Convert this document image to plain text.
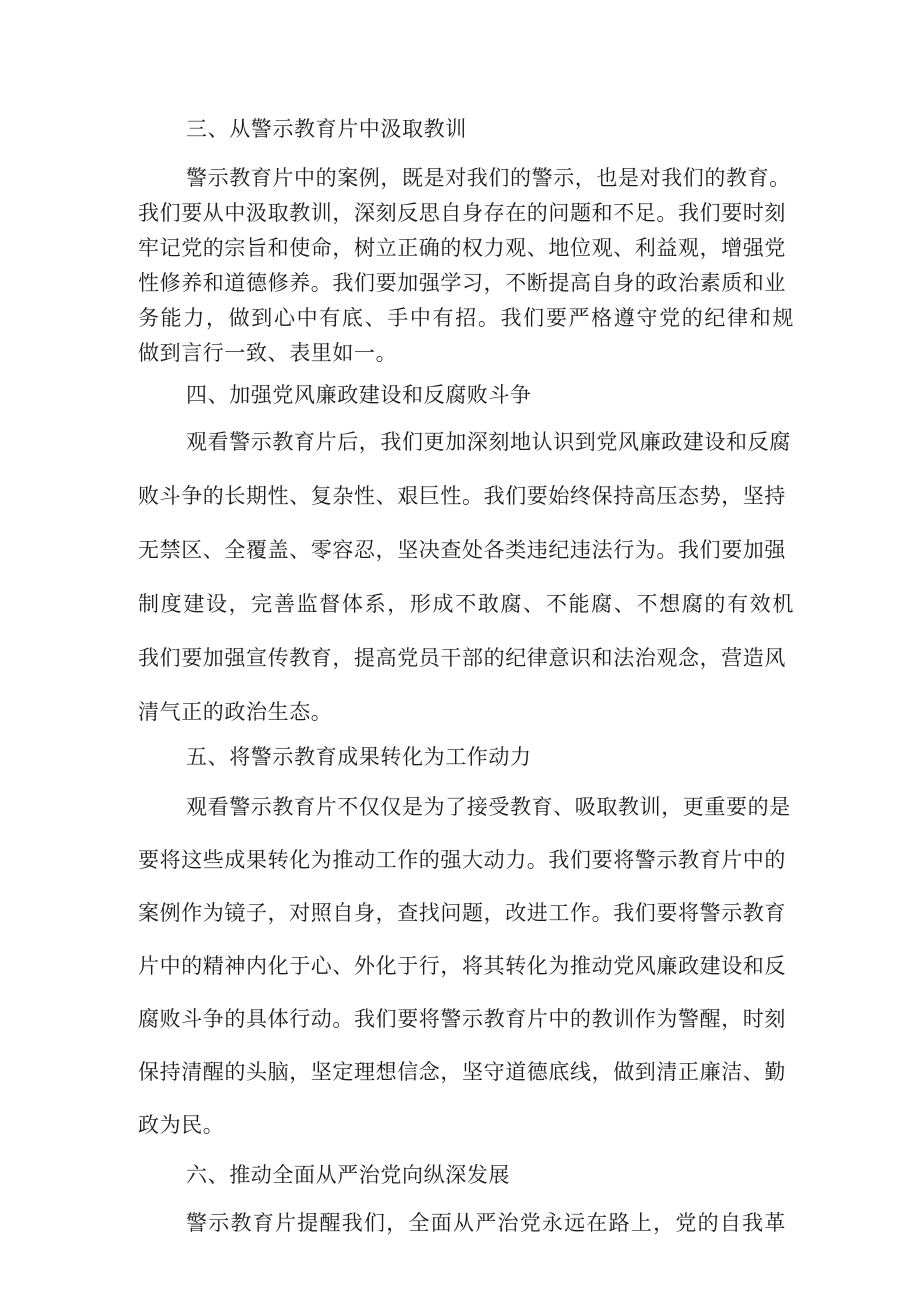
三、从警示教育片中汲取教训

警示教育片中的案例，既是对我们的警示，也是对我们的教育。

我们要从中汲取教训，深刻反思自身存在的问题和不足。我们要时刻

牢记党的宗旨和使命，树立正确的权力观、地位观、利益观，增强党

性修养和道德修养。我们要加强学习，不断提高自身的政治素质和业

务能力，做到心中有底、手中有招。我们要严格遵守党的纪律和规

做到言行一致、表里如一。

四、加强党风廉政建设和反腐败斗争

观看警示教育片后，我们更加深刻地认识到党风廉政建设和反腐

败斗争的长期性、复杂性、艰巨性。我们要始终保持高压态势，坚持

无禁区、全覆盖、零容忍，坚决查处各类违纪违法行为。我们要加强

制度建设，完善监督体系，形成不敢腐、不能腐、不想腐的有效机

我们要加强宣传教育，提高党员干部的纪律意识和法治观念，营造风

清气正的政治生态。

五、将警示教育成果转化为工作动力

观看警示教育片不仅仅是为了接受教育、吸取教训，更重要的是

要将这些成果转化为推动工作的强大动力。我们要将警示教育片中的

案例作为镜子，对照自身，查找问题，改进工作。我们要将警示教育

片中的精神内化于心、外化于行，将其转化为推动党风廉政建设和反

腐败斗争的具体行动。我们要将警示教育片中的教训作为警醒，时刻

保持清醒的头脑，坚定理想信念，坚守道德底线，做到清正廉洁、勤

政为民。

六、推动全面从严治党向纵深发展

警示教育片提醒我们，全面从严治党永远在路上，党的自我革
